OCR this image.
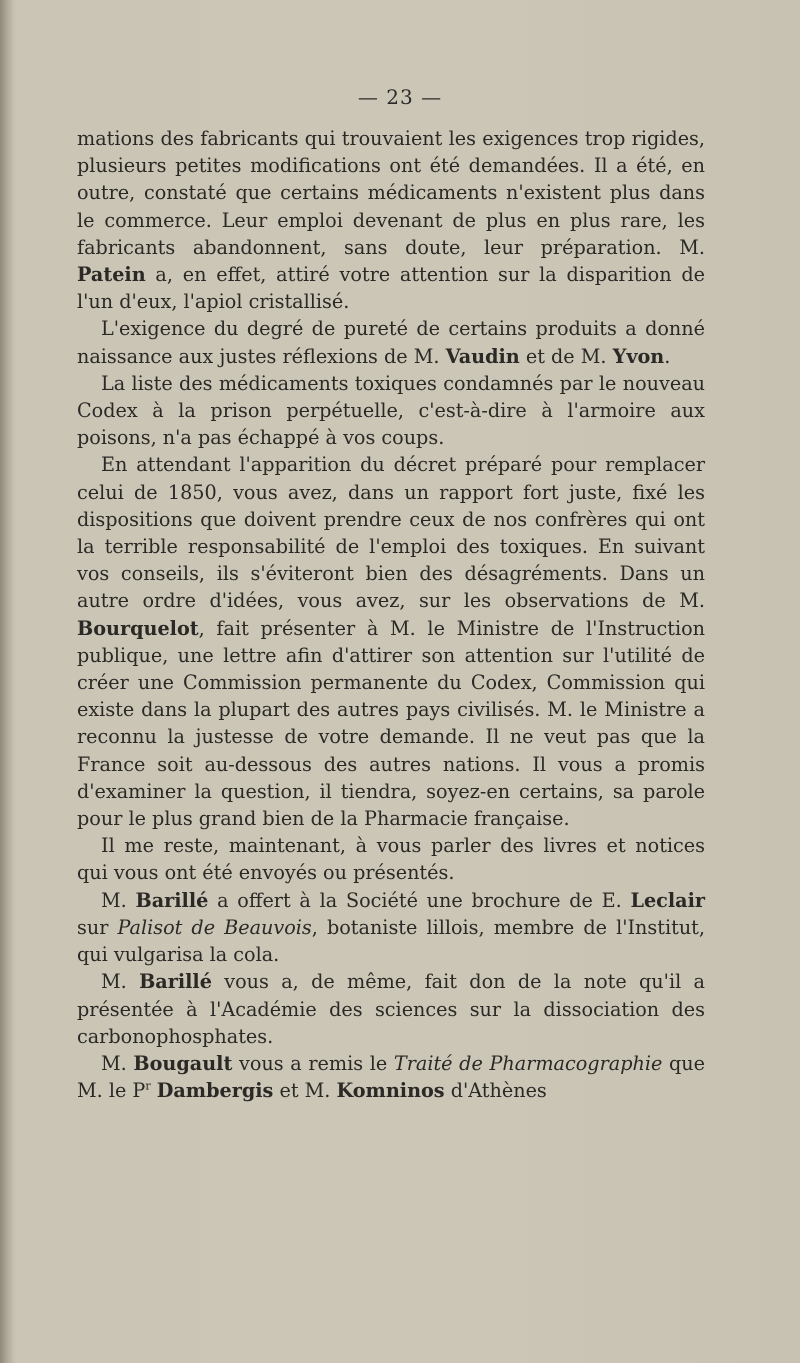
— 23 —

mations des fabricants qui trouvaient les exigences trop rigides, plusieurs petites modifications ont été demandées. Il a été, en outre, constaté que certains médicaments n'existent plus dans le commerce. Leur emploi devenant de plus en plus rare, les fabricants abandonnent, sans doute, leur préparation. M. Patein a, en effet, attiré votre attention sur la disparition de l'un d'eux, l'apiol cristallisé.

L'exigence du degré de pureté de certains produits a donné naissance aux justes réflexions de M. Vaudin et de M. Yvon.

La liste des médicaments toxiques condamnés par le nouveau Codex à la prison perpétuelle, c'est-à-dire à l'armoire aux poisons, n'a pas échappé à vos coups.

En attendant l'apparition du décret préparé pour remplacer celui de 1850, vous avez, dans un rapport fort juste, fixé les dispositions que doivent prendre ceux de nos confrères qui ont la terrible responsabilité de l'emploi des toxiques. En suivant vos conseils, ils s'éviteront bien des désagréments. Dans un autre ordre d'idées, vous avez, sur les observations de M. Bourquelot, fait présenter à M. le Ministre de l'Instruction publique, une lettre afin d'attirer son attention sur l'utilité de créer une Commission permanente du Codex, Commission qui existe dans la plupart des autres pays civilisés. M. le Ministre a reconnu la justesse de votre demande. Il ne veut pas que la France soit au-dessous des autres nations. Il vous a promis d'examiner la question, il tiendra, soyez-en certains, sa parole pour le plus grand bien de la Pharmacie française.

Il me reste, maintenant, à vous parler des livres et notices qui vous ont été envoyés ou présentés.

M. Barillé a offert à la Société une brochure de E. Leclair sur Palisot de Beauvois, botaniste lillois, membre de l'Institut, qui vulgarisa la cola.

M. Barillé vous a, de même, fait don de la note qu'il a présentée à l'Académie des sciences sur la dissociation des carbonophosphates.

M. Bougault vous a remis le Traité de Pharmacographie que M. le $P^r$ Dambergis et M. Komninos d'Athènes
